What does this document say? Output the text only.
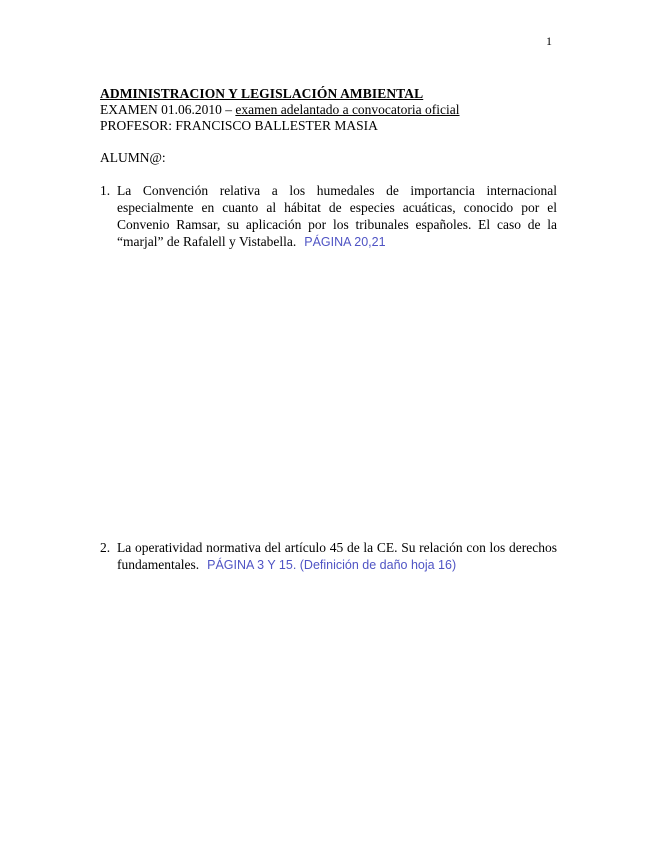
1
ADMINISTRACION Y LEGISLACIÓN AMBIENTAL
EXAMEN 01.06.2010 – examen adelantado a convocatoria oficial
PROFESOR: FRANCISCO BALLESTER MASIA
ALUMN@:
1. La Convención relativa a los humedales de importancia internacional especialmente en cuanto al hábitat de especies acuáticas, conocido por el Convenio Ramsar, su aplicación por los tribunales españoles. El caso de la “marjal” de Rafalell y Vistabella. PÁGINA 20,21
2. La operatividad normativa del artículo 45 de la CE. Su relación con los derechos fundamentales. PÁGINA 3 Y 15. (Definición de daño hoja 16)
